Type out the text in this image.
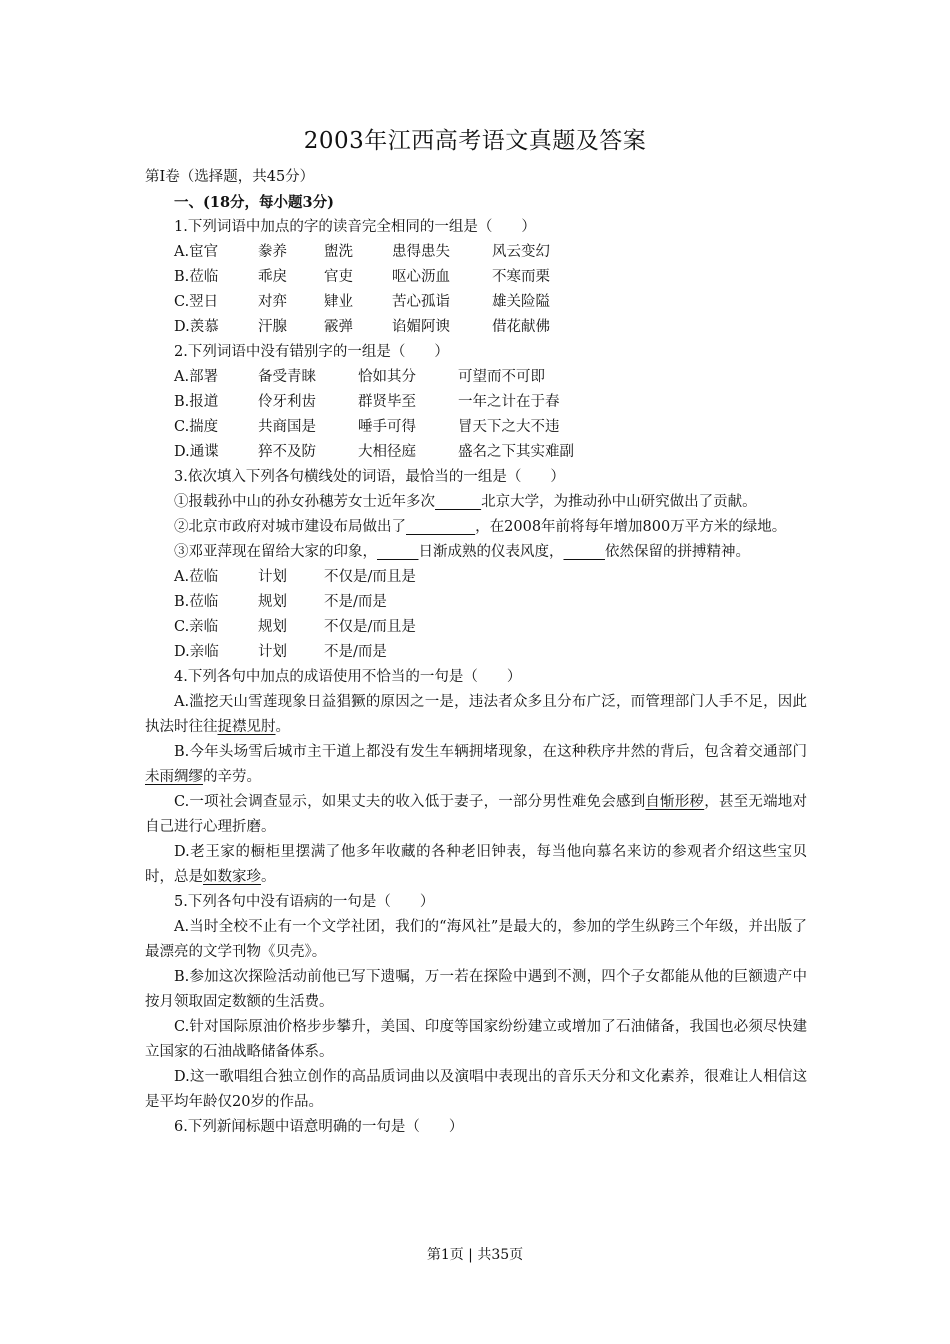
2003年江西高考语文真题及答案
第Ⅰ卷（选择题，共45分）
一、(18分，每小题3分)
1.下列词语中加点的字的读音完全相同的一组是（　　）
A.宦官	豢养	盥洗	患得患失	风云变幻
B.莅临	乖戾	官吏	呕心沥血	不寒而栗
C.翌日	对弈	肄业	苦心孤诣	雄关险隘
D.羡慕	汗腺	霰弹	谄媚阿谀	借花献佛
2.下列词语中没有错别字的一组是（　　）
A.部署	备受青睐	恰如其分	可望而不可即
B.报道	伶牙利齿	群贤毕至	一年之计在于春
C.揣度	共商国是	唾手可得	冒天下之大不违
D.通谍	猝不及防	大相径庭	盛名之下其实难副
3.依次填入下列各句横线处的词语，最恰当的一组是（　　）
①报载孙中山的孙女孙穗芳女士近年多次	北京大学，为推动孙中山研究做出了贡献。
②北京市政府对城市建设布局做出了	，在2008年前将每年增加800万平方米的绿地。
③邓亚萍现在留给大家的印象，	日渐成熟的仪表风度，	依然保留的拼搏精神。
A.莅临	计划	不仅是/而且是
B.莅临	规划	不是/而是
C.亲临	规划	不仅是/而且是
D.亲临	计划	不是/而是
4.下列各句中加点的成语使用不恰当的一句是（　　）
A.滥挖天山雪莲现象日益猖獗的原因之一是，违法者众多且分布广泛，而管理部门人手不足，因此执法时往往捉襟见肘。
B.今年头场雪后城市主干道上都没有发生车辆拥堵现象，在这种秩序井然的背后，包含着交通部门未雨绸缪的辛劳。
C.一项社会调查显示，如果丈夫的收入低于妻子，一部分男性难免会感到自惭形秽，甚至无端地对自己进行心理折磨。
D.老王家的橱柜里摆满了他多年收藏的各种老旧钟表，每当他向慕名来访的参观者介绍这些宝贝时，总是如数家珍。
5.下列各句中没有语病的一句是（　　）
A.当时全校不止有一个文学社团，我们的“海风社”是最大的，参加的学生纵跨三个年级，并出版了最漂亮的文学刊物《贝壳》。
B.参加这次探险活动前他已写下遗嘱，万一若在探险中遇到不测，四个子女都能从他的巨额遗产中按月领取固定数额的生活费。
C.针对国际原油价格步步攀升，美国、印度等国家纷纷建立或增加了石油储备，我国也必须尽快建立国家的石油战略储备体系。
D.这一歌唱组合独立创作的高品质词曲以及演唱中表现出的音乐天分和文化素养，很难让人相信这是平均年龄仅20岁的作品。
6.下列新闻标题中语意明确的一句是（　　）
第1页 | 共35页
